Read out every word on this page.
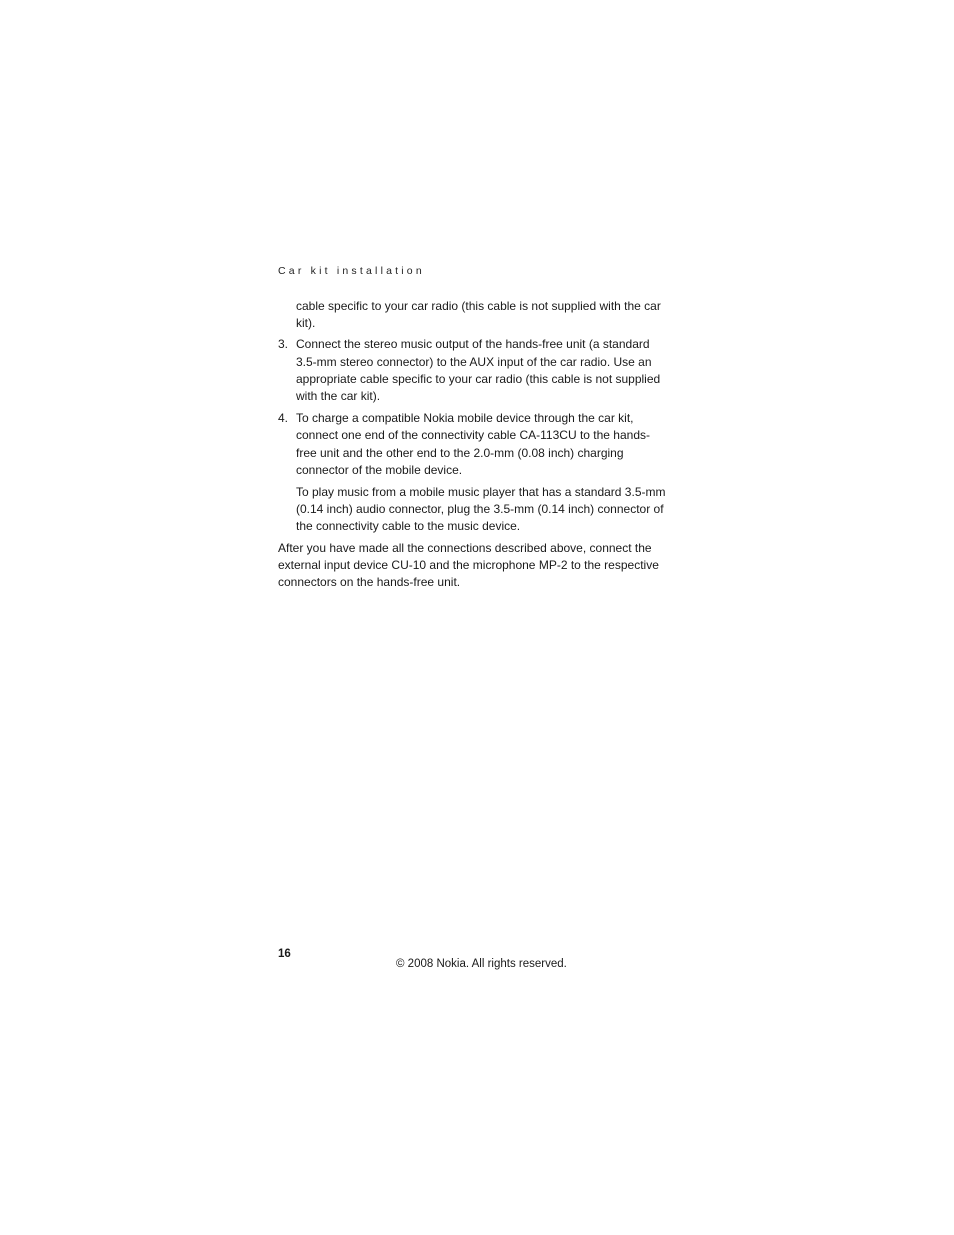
Car kit installation

cable specific to your car radio (this cable is not supplied with the car kit).

3. Connect the stereo music output of the hands-free unit (a standard 3.5-mm stereo connector) to the AUX input of the car radio. Use an appropriate cable specific to your car radio (this cable is not supplied with the car kit).
4. To charge a compatible Nokia mobile device through the car kit, connect one end of the connectivity cable CA-113CU to the hands-free unit and the other end to the 2.0-mm (0.08 inch) charging connector of the mobile device.

To play music from a mobile music player that has a standard 3.5-mm (0.14 inch) audio connector, plug the 3.5-mm (0.14 inch) connector of the connectivity cable to the music device.

After you have made all the connections described above, connect the external input device CU-10 and the microphone MP-2 to the respective connectors on the hands-free unit.

16
© 2008 Nokia. All rights reserved.
